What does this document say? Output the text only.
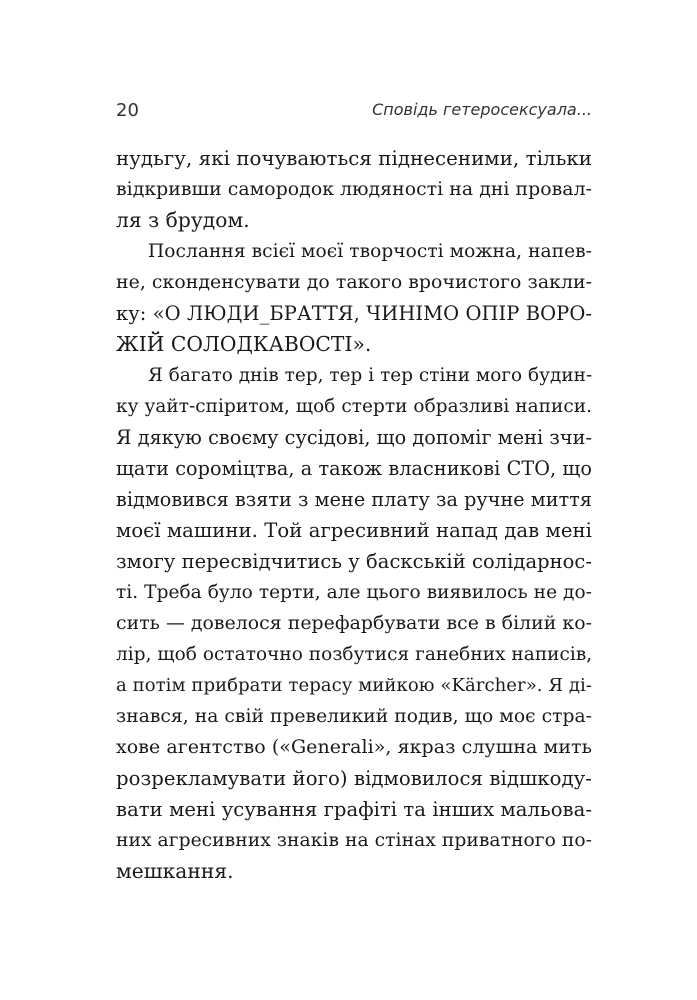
20	Сповідь гетеросексуала...
нудьгу, які почуваються піднесеними, тільки
відкривши самородок людяності на дні провал-
ля з брудом.
Послання всієї моєї творчості можна, напев-
не, сконденсувати до такого врочистого закли-
ку: «О ЛЮДИ_БРАТТЯ, ЧИНІМО ОПІР ВОРО-
ЖІЙ СОЛОДКАВОСТІ».
Я багато днів тер, тер і тер стіни мого будин-
ку уайт-спіритом, щоб стерти образливі написи.
Я дякую своєму сусідові, що допоміг мені зчи-
щати сороміцтва, а також власникові СТО, що
відмовився взяти з мене плату за ручне миття
моєї машини. Той агресивний напад дав мені
змогу пересвідчитись у баскській солідарнос-
ті. Треба було терти, але цього виявилось не до-
сить — довелося перефарбувати все в білий ко-
лір, щоб остаточно позбутися ганебних написів,
а потім прибрати терасу мийкою «Kärcher». Я ді-
знався, на свій превеликий подив, що моє стра-
хове агентство («Generali», якраз слушна мить
розрекламувати його) відмовилося відшкоду-
вати мені усування графіті та інших мальова-
них агресивних знаків на стінах приватного по-
мешкання.
